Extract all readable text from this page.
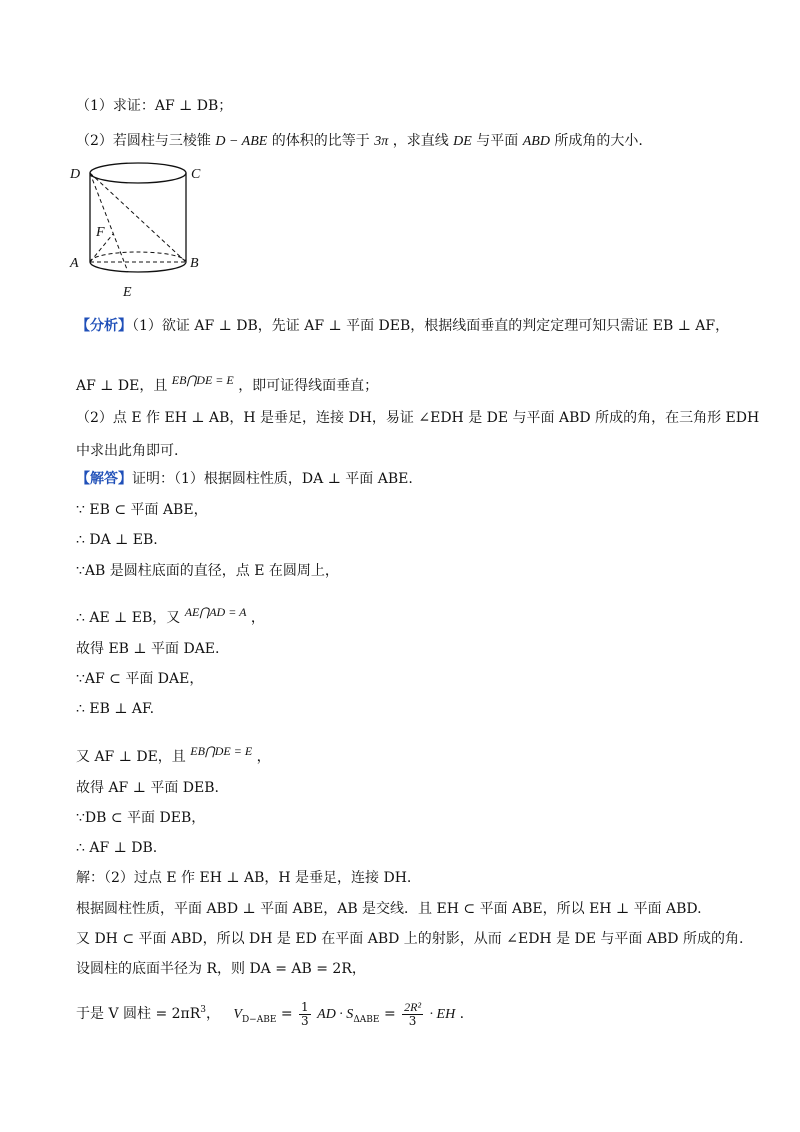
（1）求证：AF ⊥ DB；
（2）若圆柱与三棱锥 D − ABE 的体积的比等于 3π ，求直线 DE 与平面 ABD 所成角的大小.
D	C
F
A	B
E
【分析】（1）欲证 AF ⊥ DB，先证 AF ⊥ 平面 DEB，根据线面垂直的判定定理可知只需证 EB ⊥ AF，
AF ⊥ DE，且 EB⋂DE = E ，即可证得线面垂直；
（2）点 E 作 EH ⊥ AB，H 是垂足，连接 DH，易证 ∠EDH 是 DE 与平面 ABD 所成的角，在三角形 EDH
中求出此角即可.
【解答】证明：（1）根据圆柱性质，DA ⊥ 平面 ABE.
∵ EB ⊂ 平面 ABE，
∴ DA ⊥ EB.
∵AB 是圆柱底面的直径，点 E 在圆周上，
∴ AE ⊥ EB，又 AE⋂AD = A ，
故得 EB ⊥ 平面 DAE.
∵AF ⊂ 平面 DAE，
∴ EB ⊥ AF.
又 AF ⊥ DE，且 EB⋂DE = E ，
故得 AF ⊥ 平面 DEB.
∵DB ⊂ 平面 DEB，
∴ AF ⊥ DB.
解：（2）过点 E 作 EH ⊥ AB，H 是垂足，连接 DH.
根据圆柱性质，平面 ABD ⊥ 平面 ABE，AB 是交线．且 EH ⊂ 平面 ABE，所以 EH ⊥ 平面 ABD.
又 DH ⊂ 平面 ABD，所以 DH 是 ED 在平面 ABD 上的射影，从而 ∠EDH 是 DE 与平面 ABD 所成的角.
设圆柱的底面半径为 R，则 DA = AB = 2R，
于是 V 圆柱 = $2\pi R^3$， $V_{D-ABE} = \frac{1}{3}$ AD · $S_{\Delta ABE} = \frac{\text{2R²}}{3}$ · EH .
